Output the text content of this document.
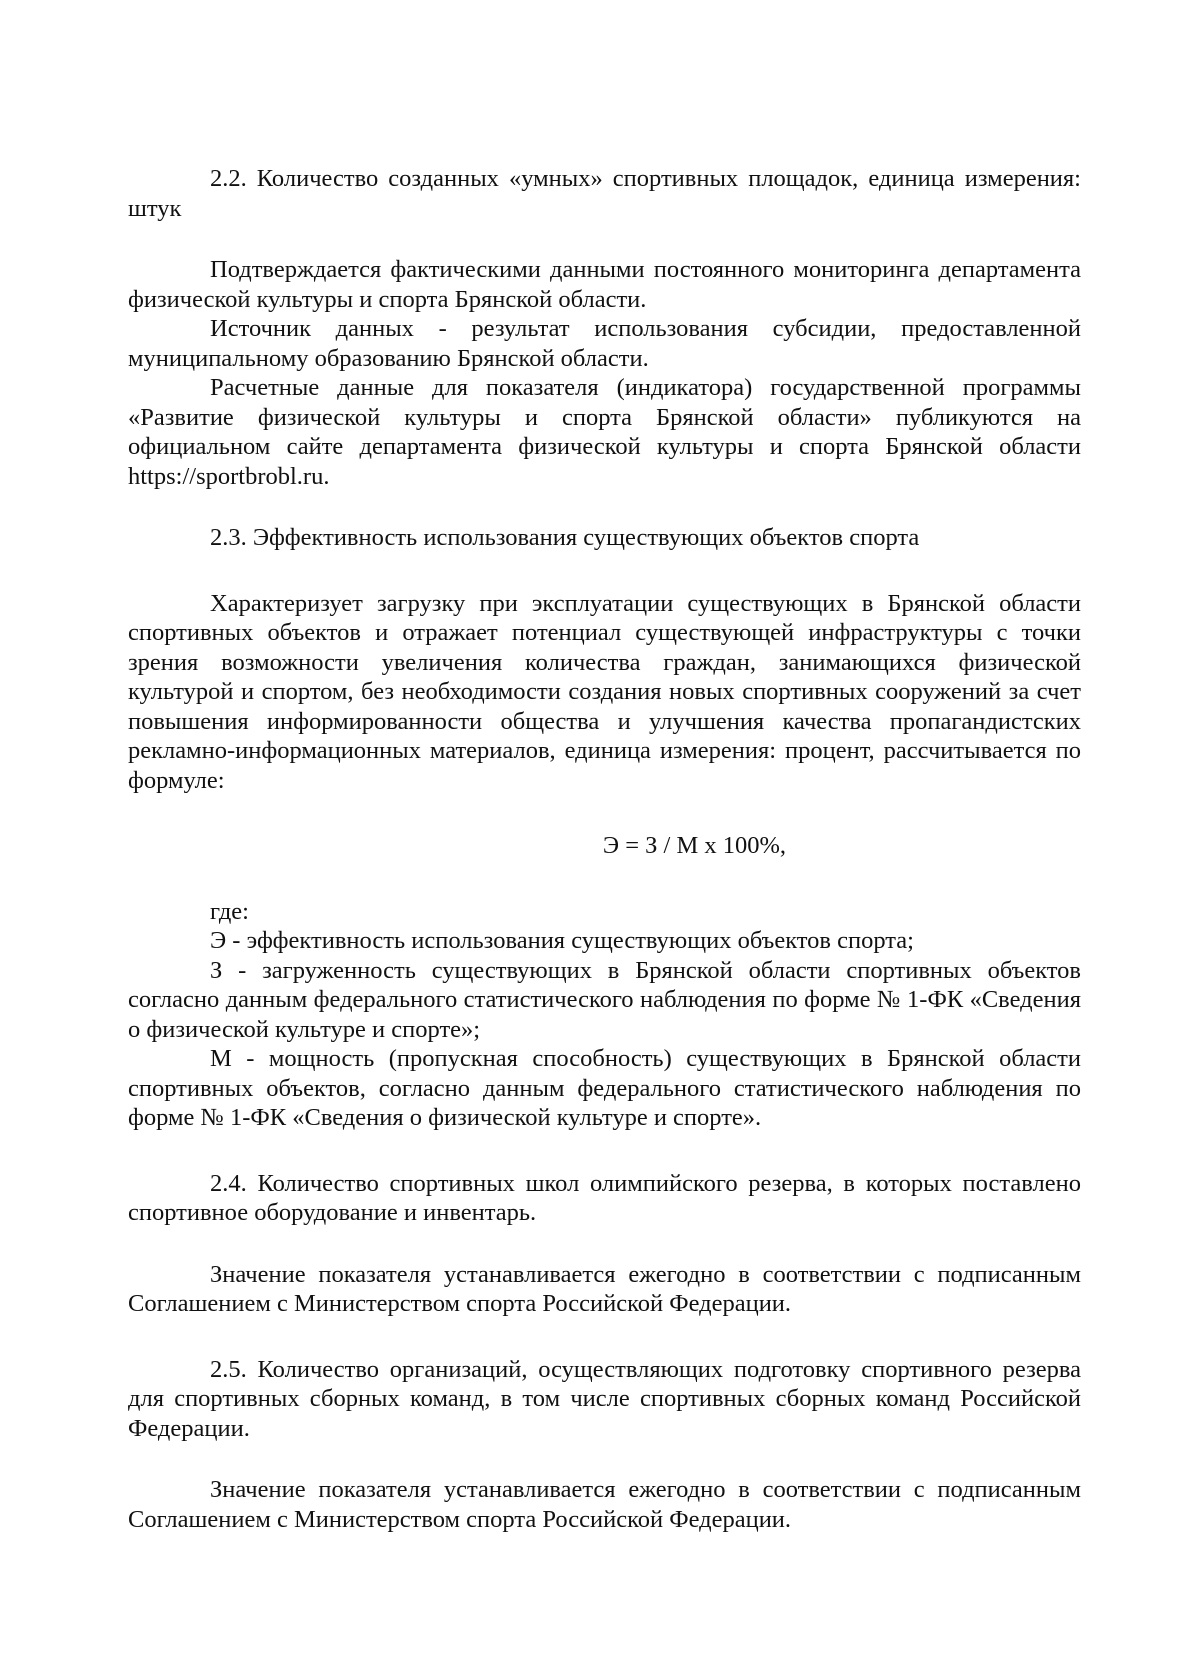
2.2. Количество созданных «умных» спортивных площадок, единица измерения: штук

Подтверждается фактическими данными постоянного мониторинга департамента физической культуры и спорта Брянской области.

Источник данных - результат использования субсидии, предоставленной муниципальному образованию Брянской области.

Расчетные данные для показателя (индикатора) государственной программы «Развитие физической культуры и спорта Брянской области» публикуются на официальном сайте департамента физической культуры и спорта Брянской области https://sportbrobl.ru.

2.3. Эффективность использования существующих объектов спорта

Характеризует загрузку при эксплуатации существующих в Брянской области спортивных объектов и отражает потенциал существующей инфраструктуры с точки зрения возможности увеличения количества граждан, занимающихся физической культурой и спортом, без необходимости создания новых спортивных сооружений за счет повышения информированности общества и улучшения качества пропагандистских рекламно-информационных материалов, единица измерения: процент, рассчитывается по формуле:

Э = З / М х 100%,

где:

Э - эффективность использования существующих объектов спорта;

З - загруженность существующих в Брянской области спортивных объектов согласно данным федерального статистического наблюдения по форме № 1-ФК «Сведения о физической культуре и спорте»;

М - мощность (пропускная способность) существующих в Брянской области спортивных объектов, согласно данным федерального статистического наблюдения по форме № 1-ФК «Сведения о физической культуре и спорте».

2.4. Количество спортивных школ олимпийского резерва, в которых поставлено спортивное оборудование и инвентарь.

Значение показателя устанавливается ежегодно в соответствии с подписанным Соглашением с Министерством спорта Российской Федерации.

2.5. Количество организаций, осуществляющих подготовку спортивного резерва для спортивных сборных команд, в том числе спортивных сборных команд Российской Федерации.

Значение показателя устанавливается ежегодно в соответствии с подписанным Соглашением с Министерством спорта Российской Федерации.
